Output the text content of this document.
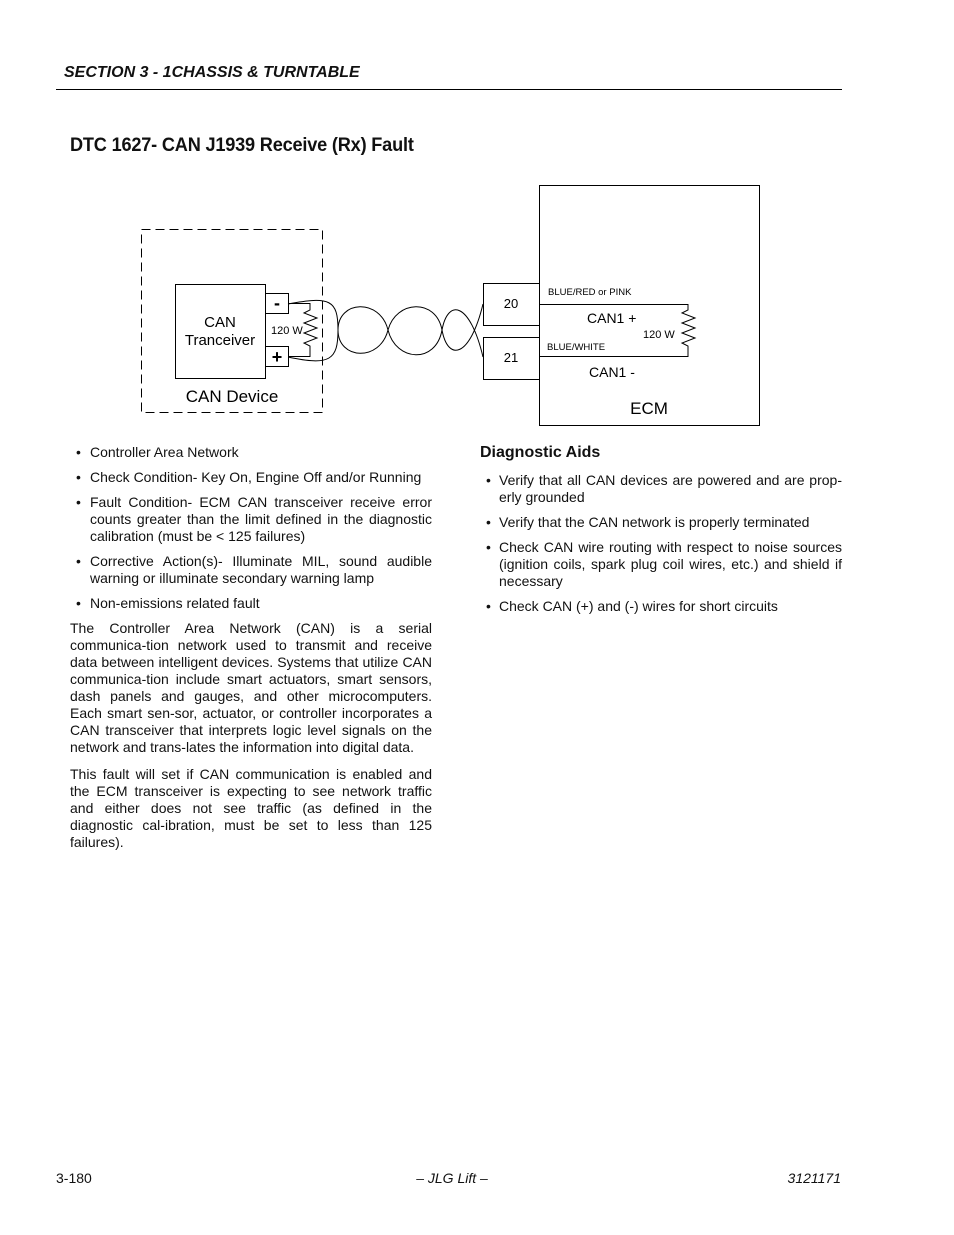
SECTION 3 - 1CHASSIS & TURNTABLE
DTC 1627- CAN J1939 Receive (Rx) Fault
CAN
Tranceiver
-
+
120 W
CAN Device
20
21
BLUE/RED or PINK
BLUE/WHITE
CAN1 +
120 W
CAN1 -
ECM
• Controller Area Network
• Check Condition- Key On, Engine Off and/or Running
• Fault Condition- ECM CAN transceiver receive error counts greater than the limit defined in the diagnostic calibration (must be < 125 failures)
• Corrective Action(s)- Illuminate MIL, sound audible warning or illuminate secondary warning lamp
• Non-emissions related fault

The Controller Area Network (CAN) is a serial communica-tion network used to transmit and receive data between intelligent devices. Systems that utilize CAN communica-tion include smart actuators, smart sensors, dash panels and gauges, and other microcomputers. Each smart sen-sor, actuator, or controller incorporates a CAN transceiver that interprets logic level signals on the network and trans-lates the information into digital data.

This fault will set if CAN communication is enabled and the ECM transceiver is expecting to see network traffic and either does not see traffic (as defined in the diagnostic cal-ibration, must be set to less than 125 failures).

Diagnostic Aids
• Verify that all CAN devices are powered and are prop-erly grounded
• Verify that the CAN network is properly terminated
• Check CAN wire routing with respect to noise sources (ignition coils, spark plug coil wires, etc.) and shield if necessary
• Check CAN (+) and (-) wires for short circuits
3-180	– JLG Lift –	3121171
